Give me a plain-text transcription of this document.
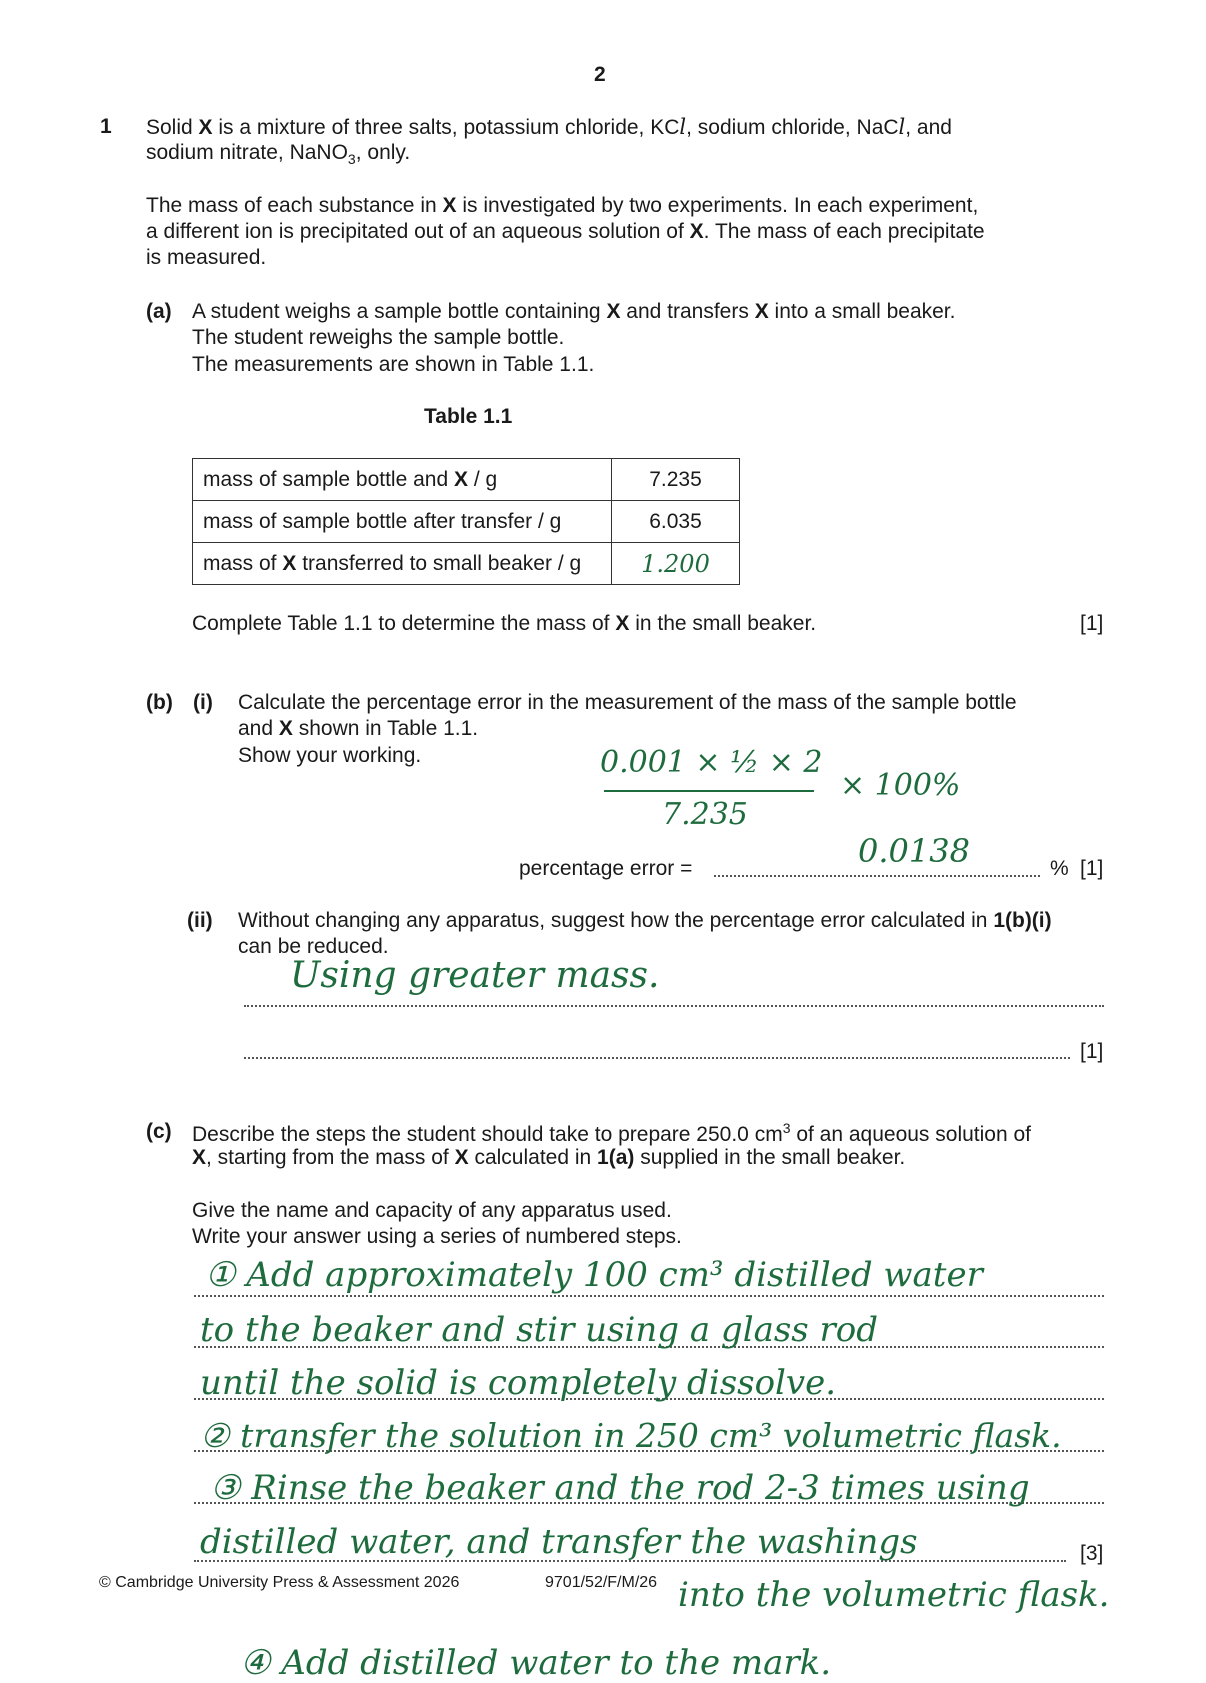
2
1 Solid X is a mixture of three salts, potassium chloride, KCl, sodium chloride, NaCl, and
sodium nitrate, NaNO$_3$, only.
The mass of each substance in X is investigated by two experiments. In each experiment,
a different ion is precipitated out of an aqueous solution of X. The mass of each precipitate
is measured.
(a) A student weighs a sample bottle containing X and transfers X into a small beaker.
The student reweighs the sample bottle.
The measurements are shown in Table 1.1.
Table 1.1
mass of sample bottle and X / g	7.235
mass of sample bottle after transfer / g	6.035
mass of X transferred to small beaker / g	1.200
Complete Table 1.1 to determine the mass of X in the small beaker.	[1]
(b) (i) Calculate the percentage error in the measurement of the mass of the sample bottle
and X shown in Table 1.1.
Show your working.	0.001 × ½ × 2
7.235
× 100%
percentage error =	0.0138	% [1]
(ii) Without changing any apparatus, suggest how the percentage error calculated in 1(b)(i)
can be reduced.
Using greater mass.
[1]
(c) Describe the steps the student should take to prepare 250.0 $cm^3$ of an aqueous solution of
X, starting from the mass of X calculated in 1(a) supplied in the small beaker.
Give the name and capacity of any apparatus used.
Write your answer using a series of numbered steps.
[3]
① Add approximately 100 cm³ distilled water
to the beaker and stir using a glass rod
until the solid is completely dissolve.
② transfer the solution in 250 cm³ volumetric flask.
③ Rinse the beaker and the rod 2-3 times using
distilled water, and transfer the washings
into the volumetric flask.
④ Add distilled water to the mark.
© Cambridge University Press & Assessment 2026	9701/52/F/M/26
